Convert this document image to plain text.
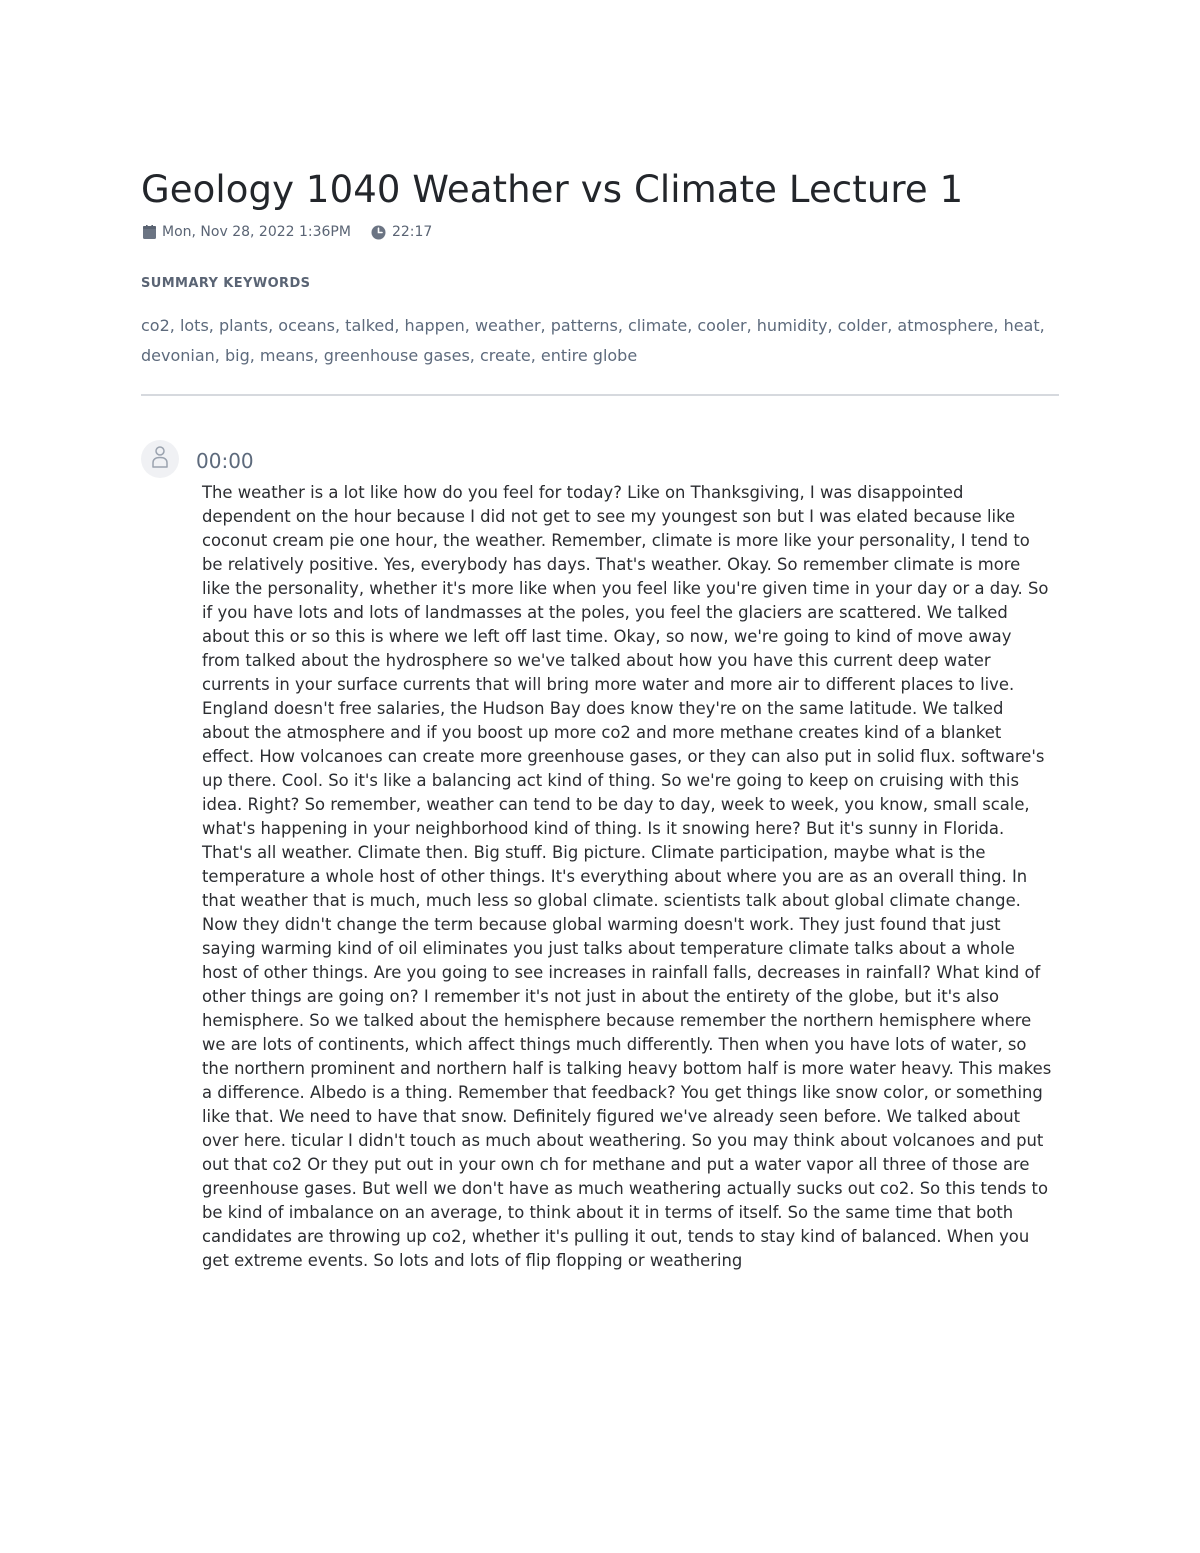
Geology 1040 Weather vs Climate Lecture 1
Mon, Nov 28, 2022 1:36PM	22:17
SUMMARY KEYWORDS
co2, lots, plants, oceans, talked, happen, weather, patterns, climate, cooler, humidity, colder, atmosphere, heat, devonian, big, means, greenhouse gases, create, entire globe
00:00

The weather is a lot like how do you feel for today? Like on Thanksgiving, I was disappointed dependent on the hour because I did not get to see my youngest son but I was elated because like coconut cream pie one hour, the weather. Remember, climate is more like your personality, I tend to be relatively positive. Yes, everybody has days. That's weather. Okay. So remember climate is more like the personality, whether it's more like when you feel like you're given time in your day or a day. So if you have lots and lots of landmasses at the poles, you feel the glaciers are scattered. We talked about this or so this is where we left off last time. Okay, so now, we're going to kind of move away from talked about the hydrosphere so we've talked about how you have this current deep water currents in your surface currents that will bring more water and more air to different places to live. England doesn't free salaries, the Hudson Bay does know they're on the same latitude. We talked about the atmosphere and if you boost up more co2 and more methane creates kind of a blanket effect. How volcanoes can create more greenhouse gases, or they can also put in solid flux. software's up there. Cool. So it's like a balancing act kind of thing. So we're going to keep on cruising with this idea. Right? So remember, weather can tend to be day to day, week to week, you know, small scale, what's happening in your neighborhood kind of thing. Is it snowing here? But it's sunny in Florida. That's all weather. Climate then. Big stuff. Big picture. Climate participation, maybe what is the temperature a whole host of other things. It's everything about where you are as an overall thing. In that weather that is much, much less so global climate. scientists talk about global climate change. Now they didn't change the term because global warming doesn't work. They just found that just saying warming kind of oil eliminates you just talks about temperature climate talks about a whole host of other things. Are you going to see increases in rainfall falls, decreases in rainfall? What kind of other things are going on? I remember it's not just in about the entirety of the globe, but it's also hemisphere. So we talked about the hemisphere because remember the northern hemisphere where we are lots of continents, which affect things much differently. Then when you have lots of water, so the northern prominent and northern half is talking heavy bottom half is more water heavy. This makes a difference. Albedo is a thing. Remember that feedback? You get things like snow color, or something like that. We need to have that snow. Definitely figured we've already seen before. We talked about over here. ticular I didn't touch as much about weathering. So you may think about volcanoes and put out that co2 Or they put out in your own ch for methane and put a water vapor all three of those are greenhouse gases. But well we don't have as much weathering actually sucks out co2. So this tends to be kind of imbalance on an average, to think about it in terms of itself. So the same time that both candidates are throwing up co2, whether it's pulling it out, tends to stay kind of balanced. When you get extreme events. So lots and lots of flip flopping or weathering
